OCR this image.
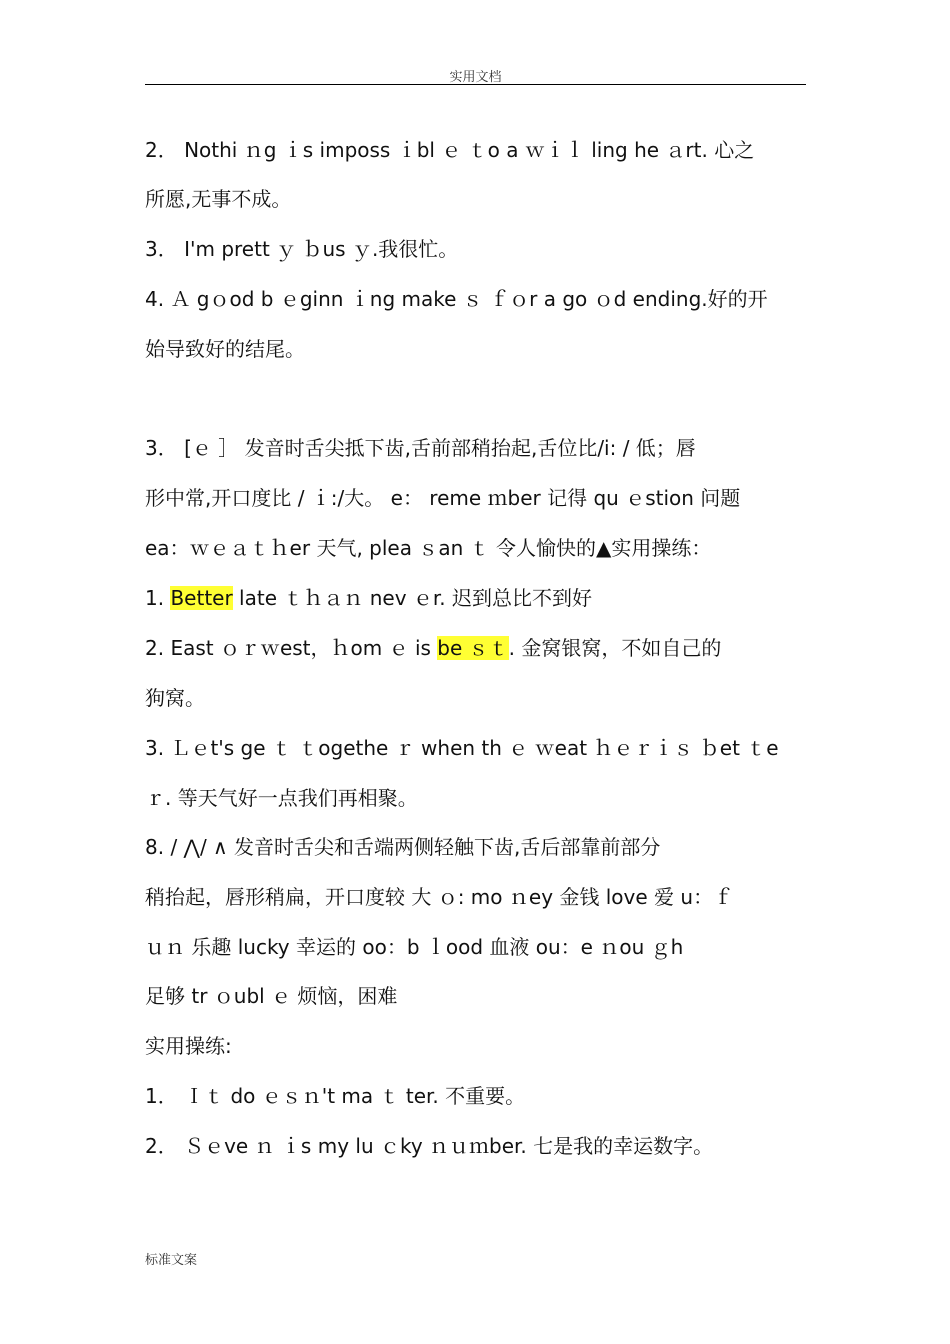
实用文档
2． Nothi ｎg ｉs imposs ｉbl ｅ ｔo a ｗｉｌ ling he ａrt. 心之
所愿,无事不成。
3． I'm prett ｙ ｂus ｙ.我很忙。
4. Ａ gｏod b ｅginn ｉng make ｓ ｆｏr a go ｏd ending.好的开
始导致好的结尾。
3． [ｅ ］ 发音时舌尖抵下齿,舌前部稍抬起,舌位比/i: / 低；唇
形中常,开口度比 / ｉ:/大。 e： reme ｍber 记得 qu ｅstion 问题
ea：ｗｅａｔｈer 天气, plea ｓan ｔ 令人愉快的▲实用操练：
1. Better late ｔｈａｎ nev ｅr. 迟到总比不到好
2. East ｏｒｗest，ｈom ｅ is be ｓｔ. 金窝银窝，不如自己的
狗窝。
3. Ｌｅt's ge ｔ ｔogethe ｒ when th ｅ ｗeat ｈｅｒｉｓ ｂet ｔe
ｒ. 等天气好一点我们再相聚。
8. / ⋀/ ∧ 发音时舌尖和舌端两侧轻触下齿,舌后部靠前部分
稍抬起，唇形稍扁，开口度较 大 ｏ: mo ｎey 金钱 love 爱 u：ｆ
ｕｎ 乐趣 lucky 幸运的 oo：b ｌood 血液 ou：e ｎou ｇh
足够 tr ｏubl ｅ 烦恼，困难
实用操练:
1． Ｉｔ do ｅｓｎ't ma ｔ ter. 不重要。
2． Ｓｅve ｎ ｉs my lu ｃky ｎｕｍber. 七是我的幸运数字。
标准文案
